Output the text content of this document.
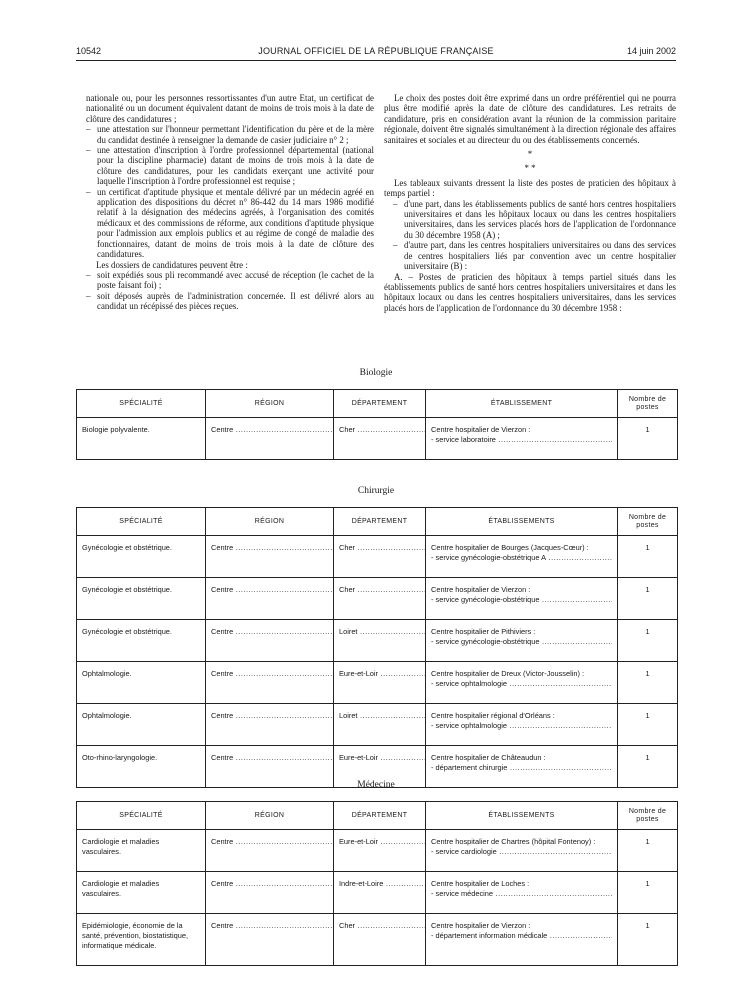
10542	JOURNAL OFFICIEL DE LA RÉPUBLIQUE FRANÇAISE	14 juin 2002

nationale ou, pour les personnes ressortissantes d'un autre Etat, un certificat de nationalité ou un document équivalent datant de moins de trois mois à la date de clôture des candidatures ;

– une attestation sur l'honneur permettant l'identification du père et de la mère du candidat destinée à renseigner la demande de casier judiciaire n° 2 ;
– une attestation d'inscription à l'ordre professionnel départemental (national pour la discipline pharmacie) datant de moins de trois mois à la date de clôture des candidatures, pour les candidats exerçant une activité pour laquelle l'inscription à l'ordre professionnel est requise ;
– un certificat d'aptitude physique et mentale délivré par un médecin agréé en application des dispositions du décret n° 86-442 du 14 mars 1986 modifié relatif à la désignation des médecins agréés, à l'organisation des comités médicaux et des commissions de réforme, aux conditions d'aptitude physique pour l'admission aux emplois publics et au régime de congé de maladie des fonctionnaires, datant de moins de trois mois à la date de clôture des candidatures.

Les dossiers de candidatures peuvent être :

– soit expédiés sous pli recommandé avec accusé de réception (le cachet de la poste faisant foi) ;
– soit déposés auprès de l'administration concernée. Il est délivré alors au candidat un récépissé des pièces reçues.

Le choix des postes doit être exprimé dans un ordre préférentiel qui ne pourra plus être modifié après la date de clôture des candidatures. Les retraits de candidature, pris en considération avant la réunion de la commission paritaire régionale, doivent être signalés simultanément à la direction régionale des affaires sanitaires et sociales et au directeur du ou des établissements concernés.

*
* *

Les tableaux suivants dressent la liste des postes de praticien des hôpitaux à temps partiel :

– d'une part, dans les établissements publics de santé hors centres hospitaliers universitaires et dans les hôpitaux locaux ou dans les centres hospitaliers universitaires, dans les services placés hors de l'application de l'ordonnance du 30 décembre 1958 (A) ;
– d'autre part, dans les centres hospitaliers universitaires ou dans des services de centres hospitaliers liés par convention avec un centre hospitalier universitaire (B) :

A. – Postes de praticien des hôpitaux à temps partiel situés dans les établissements publics de santé hors centres hospitaliers universitaires et dans les hôpitaux locaux ou dans les centres hospitaliers universitaires, dans les services placés hors de l'application de l'ordonnance du 30 décembre 1958 :

Biologie
SPÉCIALITÉ	RÉGION	DÉPARTEMENT	ÉTABLISSEMENT	Nombre de postes
Biologie polyvalente.	Centre .....	Cher .....	Centre hospitalier de Vierzon :
- service laboratoire .....	1
Chirurgie
SPÉCIALITÉ	RÉGION	DÉPARTEMENT	ÉTABLISSEMENTS	Nombre de postes
Gynécologie et obstétrique.	Centre .....	Cher .....	Centre hospitalier de Bourges (Jacques-Cœur) :
- service gynécologie-obstétrique A .....	1
Gynécologie et obstétrique.	Centre .....	Cher .....	Centre hospitalier de Vierzon :
- service gynécologie-obstétrique .....	1
Gynécologie et obstétrique.	Centre .....	Loiret .....	Centre hospitalier de Pithiviers :
- service gynécologie-obstétrique .....	1
Ophtalmologie.	Centre .....	Eure-et-Loir .....	Centre hospitalier de Dreux (Victor-Jousselin) :
- service ophtalmologie .....	1
Ophtalmologie.	Centre .....	Loiret .....	Centre hospitalier régional d'Orléans :
- service ophtalmologie .....	1
Oto-rhino-laryngologie.	Centre .....	Eure-et-Loir .....	Centre hospitalier de Châteaudun :
- département chirurgie .....	1
Médecine
SPÉCIALITÉ	RÉGION	DÉPARTEMENT	ÉTABLISSEMENTS	Nombre de postes
Cardiologie et maladies vasculaires.	Centre .....	Eure-et-Loir .....	Centre hospitalier de Chartres (hôpital Fontenoy) :
- service cardiologie .....	1
Cardiologie et maladies vasculaires.	Centre .....	Indre-et-Loire .....	Centre hospitalier de Loches :
- service médecine .....	1
Epidémiologie, économie de la santé, prévention, biostatistique, informatique médicale.	Centre .....	Cher .....	Centre hospitalier de Vierzon :
- département information médicale .....	1
